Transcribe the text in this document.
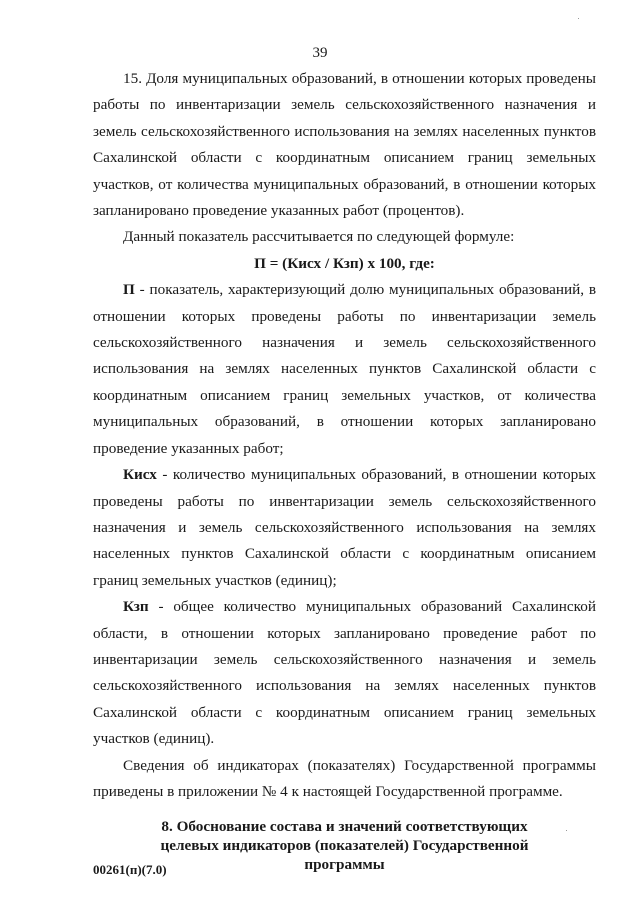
39

15. Доля муниципальных образований, в отношении которых проведены работы по инвентаризации земель сельскохозяйственного назначения и земель сельскохозяйственного использования на землях населенных пунктов Сахалинской области с координатным описанием границ земельных участков, от количества муниципальных образований, в отношении которых запланировано проведение указанных работ (процентов).

Данный показатель рассчитывается по следующей формуле:

П = (Кисх / Кзп) х 100, где:

П - показатель, характеризующий долю муниципальных образований, в отношении которых проведены работы по инвентаризации земель сельскохозяйственного назначения и земель сельскохозяйственного использования на землях населенных пунктов Сахалинской области с координатным описанием границ земельных участков, от количества муниципальных образований, в отношении которых запланировано проведение указанных работ;

Кисх - количество муниципальных образований, в отношении которых проведены работы по инвентаризации земель сельскохозяйственного назначения и земель сельскохозяйственного использования на землях населенных пунктов Сахалинской области с координатным описанием границ земельных участков (единиц);

Кзп - общее количество муниципальных образований Сахалинской области, в отношении которых запланировано проведение работ по инвентаризации земель сельскохозяйственного назначения и земель сельскохозяйственного использования на землях населенных пунктов Сахалинской области с координатным описанием границ земельных участков (единиц).

Сведения об индикаторах (показателях) Государственной программы приведены в приложении № 4 к настоящей Государственной программе.

8. Обоснование состава и значений соответствующих
целевых индикаторов (показателей) Государственной
программы
00261(п)(7.0)
